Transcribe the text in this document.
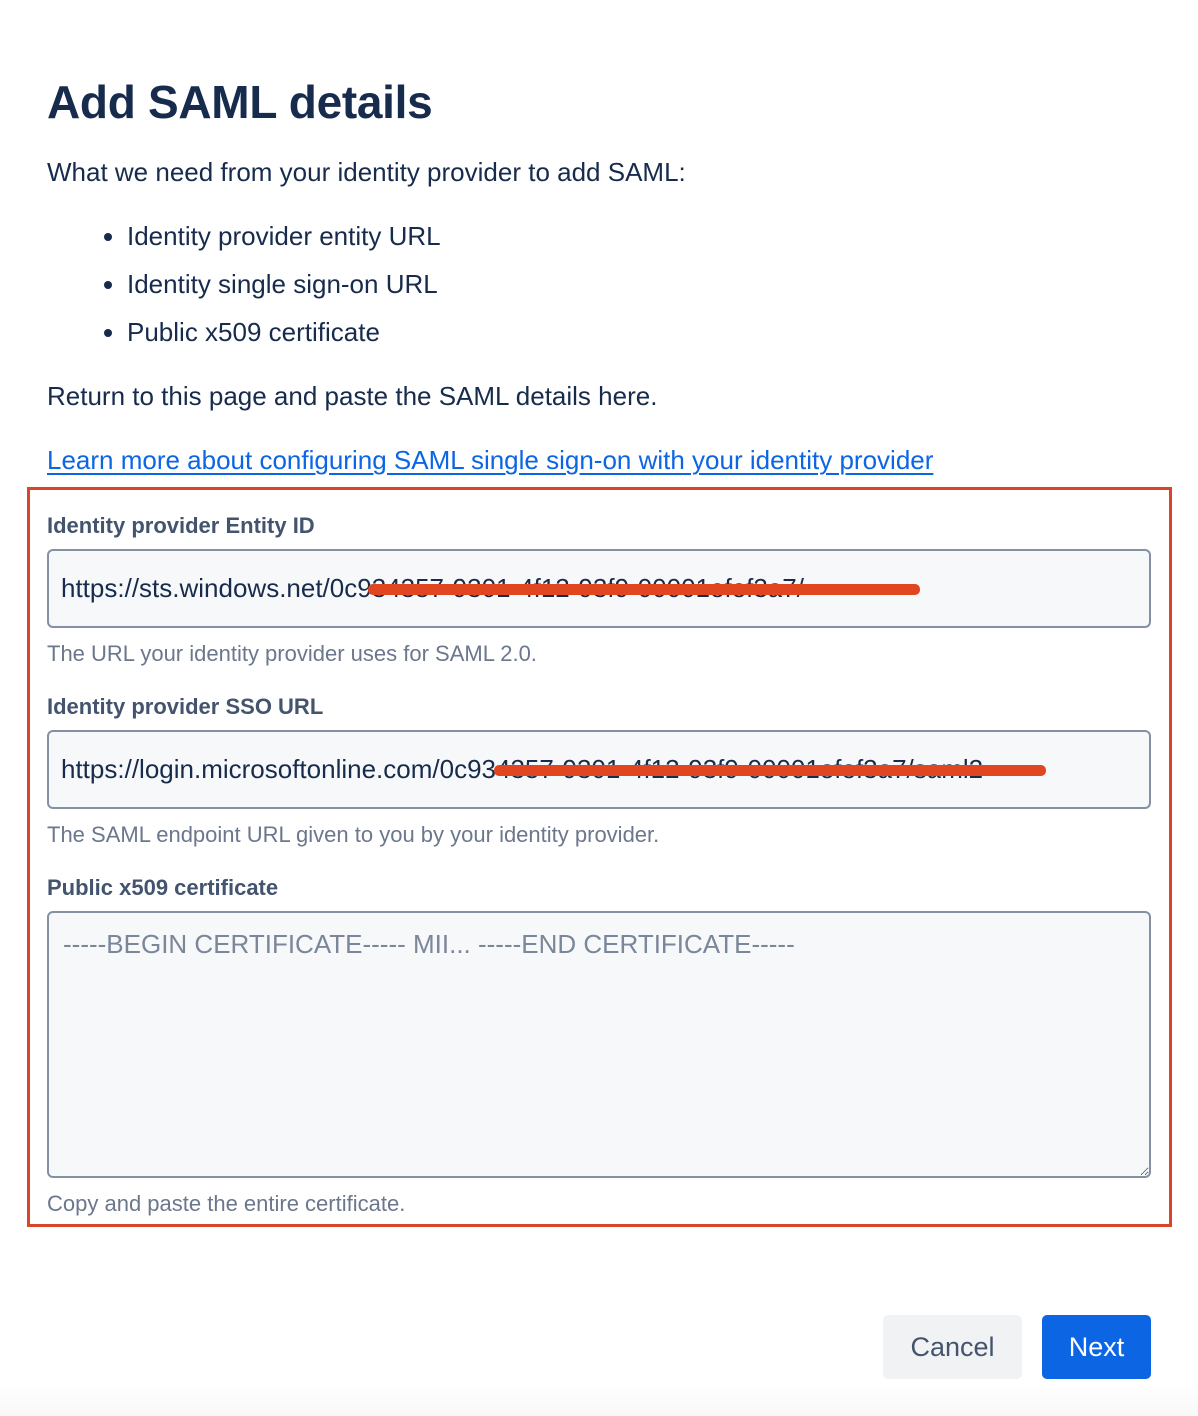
Add SAML details

What we need from your identity provider to add SAML:

Identity provider entity URL
Identity single sign-on URL
Public x509 certificate

Return to this page and paste the SAML details here.

Learn more about configuring SAML single sign-on with your identity provider
Identity provider Entity ID
https://sts.windows.net/0c934357-9301-4f12-93f9-00001efef3a7/
The URL your identity provider uses for SAML 2.0.
Identity provider SSO URL
https://login.microsoftonline.com/0c934357-9301-4f12-93f9-00001efef3a7/saml2
The SAML endpoint URL given to you by your identity provider.
Public x509 certificate
-----BEGIN CERTIFICATE----- MII... -----END CERTIFICATE-----
Copy and paste the entire certificate.
Cancel	Next
